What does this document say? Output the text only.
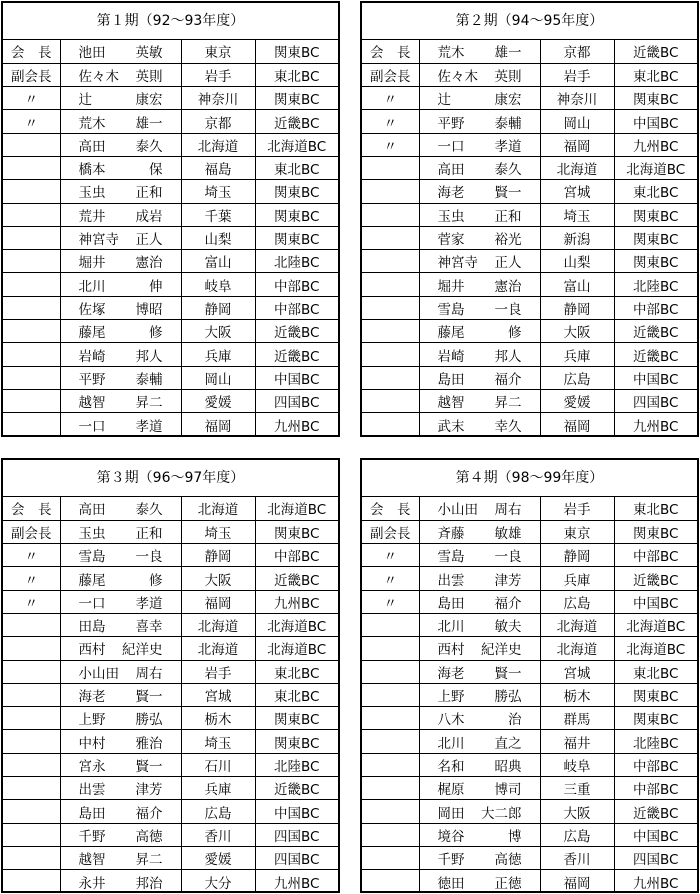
第１期（92～93年度）
会　長	池田 英敏	東京	関東BC
副会長	佐々木 英則	岩手	東北BC
〃	辻 康宏	神奈川	関東BC
〃	荒木 雄一	京都	近畿BC
	高田 泰久	北海道	北海道BC
	橋本 保	福島	東北BC
	玉虫 正和	埼玉	関東BC
	荒井 成岩	千葉	関東BC
	神宮寺 正人	山梨	関東BC
	堀井 憲治	富山	北陸BC
	北川 伸	岐阜	中部BC
	佐塚 博昭	静岡	中部BC
	藤尾 修	大阪	近畿BC
	岩崎 邦人	兵庫	近畿BC
	平野 泰輔	岡山	中国BC
	越智 昇二	愛媛	四国BC
	一口 孝道	福岡	九州BC
第２期（94～95年度）
会　長	荒木 雄一	京都	近畿BC
副会長	佐々木 英則	岩手	東北BC
〃	辻 康宏	神奈川	関東BC
〃	平野 泰輔	岡山	中国BC
〃	一口 孝道	福岡	九州BC
	高田 泰久	北海道	北海道BC
	海老 賢一	宮城	東北BC
	玉虫 正和	埼玉	関東BC
	菅家 裕光	新潟	関東BC
	神宮寺 正人	山梨	関東BC
	堀井 憲治	富山	北陸BC
	雪島 一良	静岡	中部BC
	藤尾 修	大阪	近畿BC
	岩崎 邦人	兵庫	近畿BC
	島田 福介	広島	中国BC
	越智 昇二	愛媛	四国BC
	武末 幸久	福岡	九州BC
第３期（96～97年度）
会　長	高田 泰久	北海道	北海道BC
副会長	玉虫 正和	埼玉	関東BC
〃	雪島 一良	静岡	中部BC
〃	藤尾 修	大阪	近畿BC
〃	一口 孝道	福岡	九州BC
	田島 喜幸	北海道	北海道BC
	西村 紀洋史	北海道	北海道BC
	小山田 周右	岩手	東北BC
	海老 賢一	宮城	東北BC
	上野 勝弘	栃木	関東BC
	中村 雅治	埼玉	関東BC
	宮永 賢一	石川	北陸BC
	出雲 津芳	兵庫	近畿BC
	島田 福介	広島	中国BC
	千野 高徳	香川	四国BC
	越智 昇二	愛媛	四国BC
	永井 邦治	大分	九州BC
第４期（98～99年度）
会　長	小山田 周右	岩手	東北BC
副会長	斉藤 敏雄	東京	関東BC
〃	雪島 一良	静岡	中部BC
〃	出雲 津芳	兵庫	近畿BC
〃	島田 福介	広島	中国BC
	北川 敏夫	北海道	北海道BC
	西村 紀洋史	北海道	北海道BC
	海老 賢一	宮城	東北BC
	上野 勝弘	栃木	関東BC
	八木 治	群馬	関東BC
	北川 直之	福井	北陸BC
	名和 昭典	岐阜	中部BC
	梶原 博司	三重	中部BC
	岡田 大二郎	大阪	近畿BC
	境谷 博	広島	中国BC
	千野 高徳	香川	四国BC
	徳田 正徳	福岡	九州BC
